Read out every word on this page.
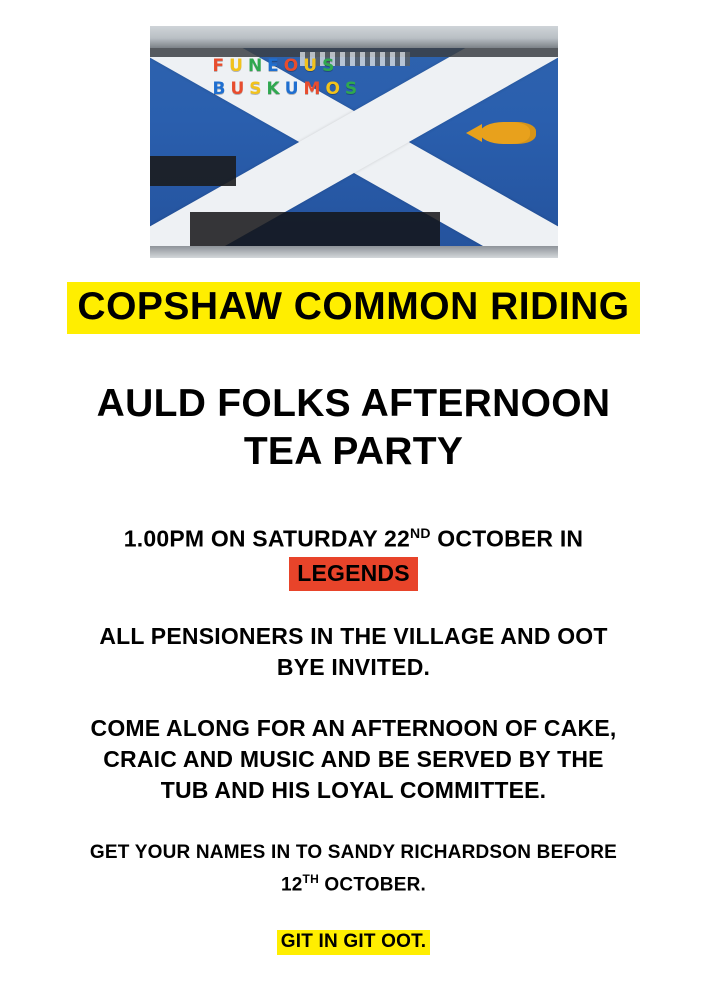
F U N E O U S
B U S K U M O S
COPSHAW COMMON RIDING
AULD FOLKS AFTERNOON
TEA PARTY
1.00PM ON SATURDAY 22ND OCTOBER IN
LEGENDS
ALL PENSIONERS IN THE VILLAGE AND OOT
BYE INVITED.
COME ALONG FOR AN AFTERNOON OF CAKE,
CRAIC AND MUSIC AND BE SERVED BY THE
TUB AND HIS LOYAL COMMITTEE.
GET YOUR NAMES IN TO SANDY RICHARDSON BEFORE
12TH OCTOBER.
GIT IN GIT OOT.
